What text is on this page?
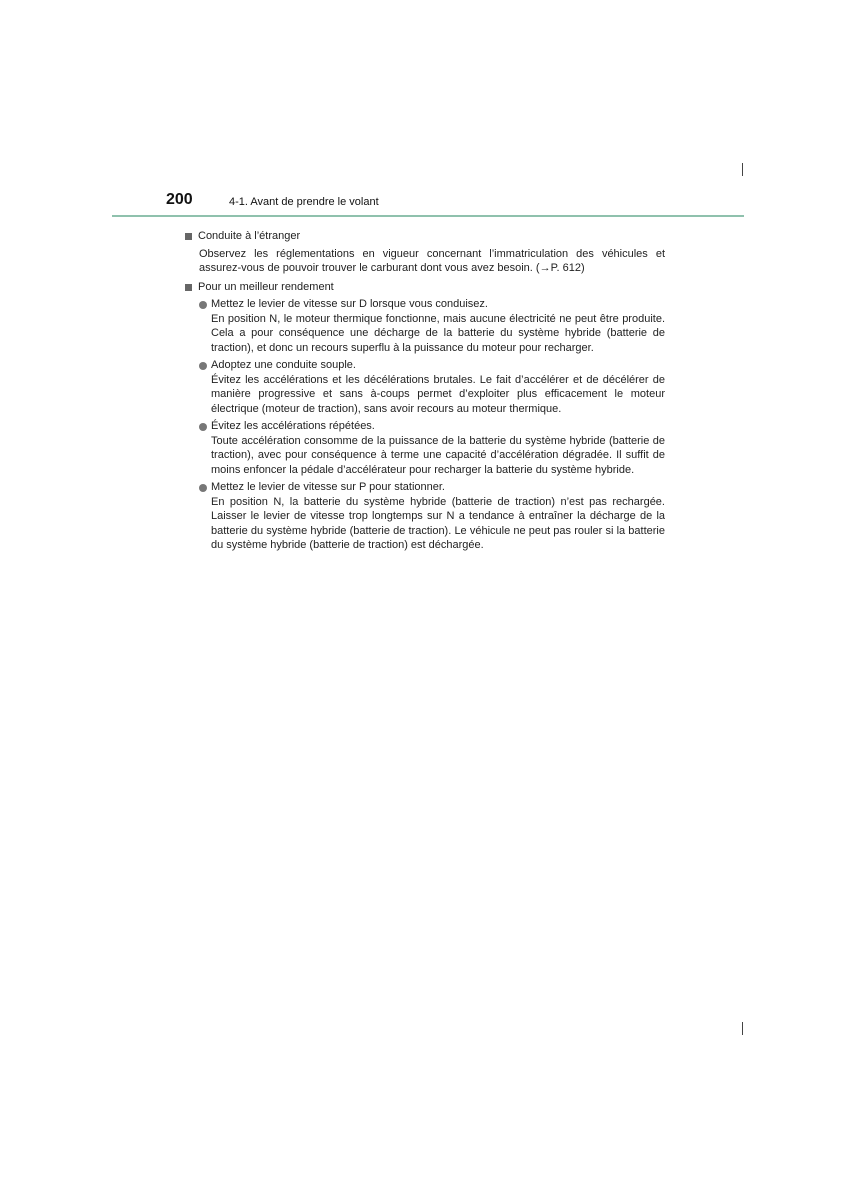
200	4-1. Avant de prendre le volant
Conduite à l’étranger
Observez les réglementations en vigueur concernant l’immatriculation des véhicules et assurez-vous de pouvoir trouver le carburant dont vous avez besoin. (→P. 612)
Pour un meilleur rendement
Mettez le levier de vitesse sur D lorsque vous conduisez.
En position N, le moteur thermique fonctionne, mais aucune électricité ne peut être produite. Cela a pour conséquence une décharge de la batterie du système hybride (batterie de traction), et donc un recours superflu à la puissance du moteur pour recharger.
Adoptez une conduite souple.
Évitez les accélérations et les décélérations brutales. Le fait d’accélérer et de décélérer de manière progressive et sans à-coups permet d’exploiter plus efficacement le moteur électrique (moteur de traction), sans avoir recours au moteur thermique.
Évitez les accélérations répétées.
Toute accélération consomme de la puissance de la batterie du système hybride (batterie de traction), avec pour conséquence à terme une capacité d’accélération dégradée. Il suffit de moins enfoncer la pédale d’accélérateur pour recharger la batterie du système hybride.
Mettez le levier de vitesse sur P pour stationner.
En position N, la batterie du système hybride (batterie de traction) n’est pas rechargée. Laisser le levier de vitesse trop longtemps sur N a tendance à entraîner la décharge de la batterie du système hybride (batterie de traction). Le véhicule ne peut pas rouler si la batterie du système hybride (batterie de traction) est déchargée.
